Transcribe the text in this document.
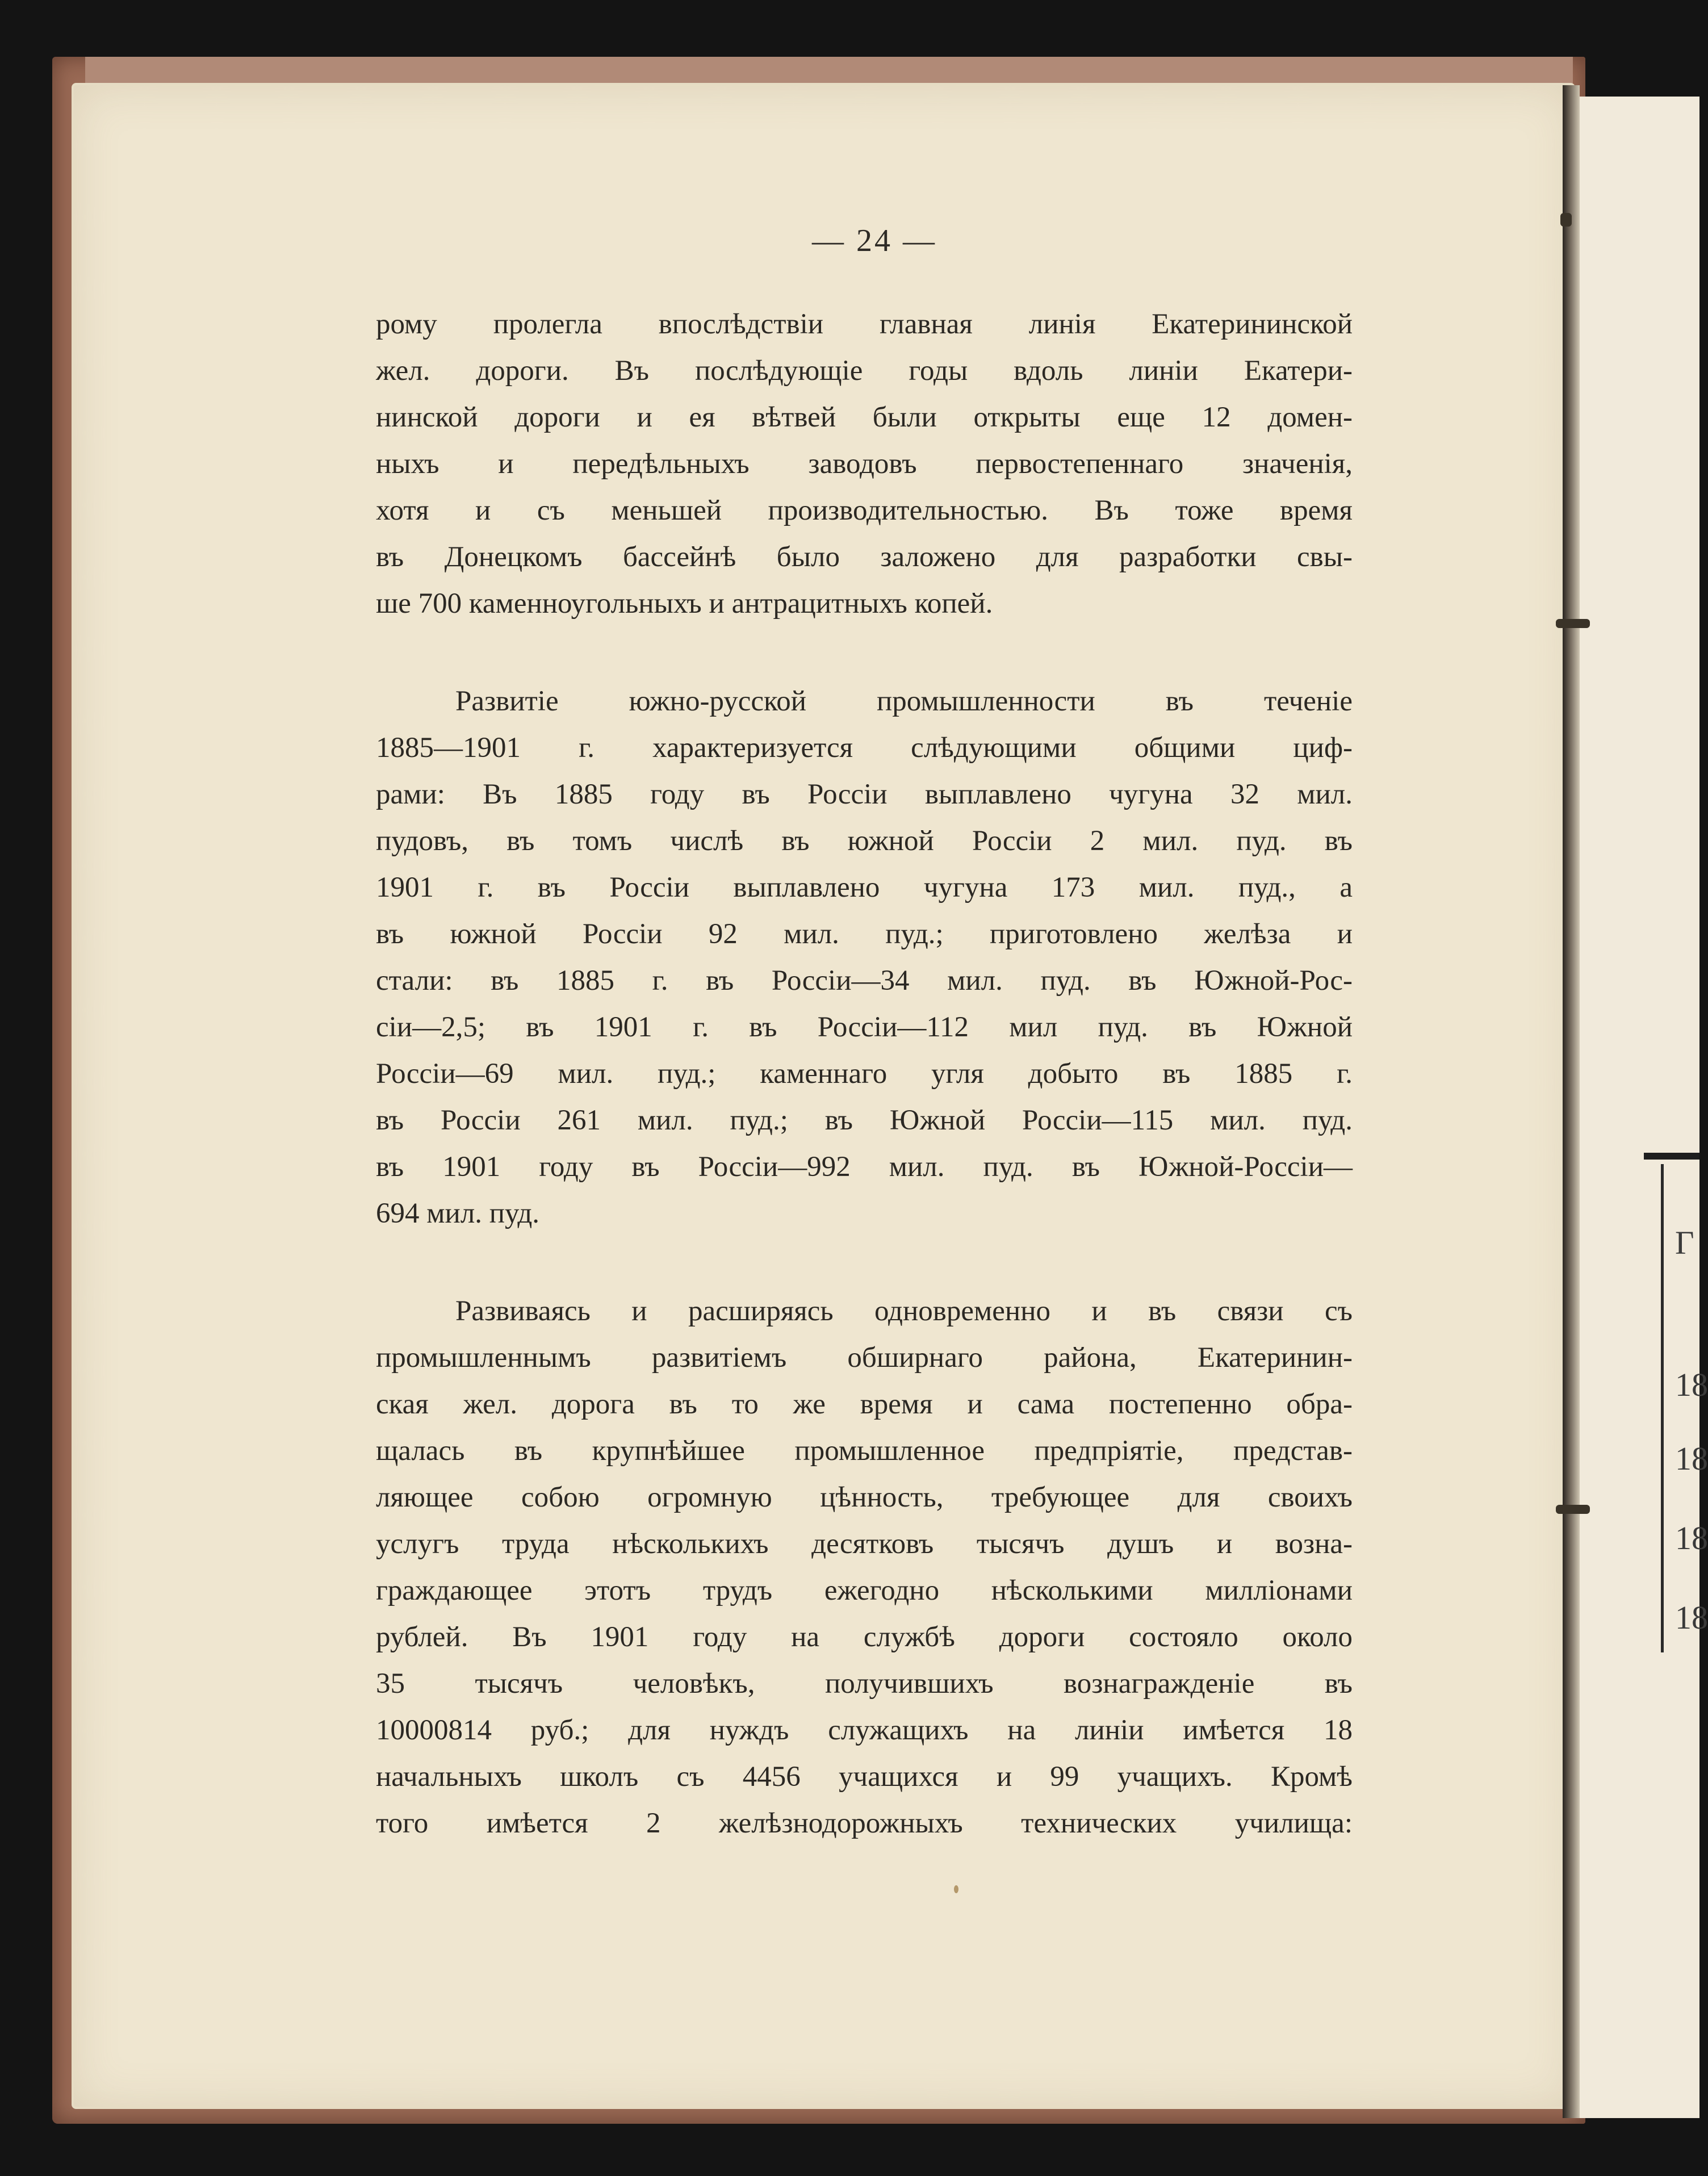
Г
18
18
18
18
— 24 —
рому пролегла впослѣдствіи главная линія Екатерининской
жел. дороги. Въ послѣдующіе годы вдоль линіи Екатери-
нинской дороги и ея вѣтвей были открыты еще 12 домен-
ныхъ и передѣльныхъ заводовъ первостепеннаго значенія,
хотя и съ меньшей производительностью. Въ тоже время
въ Донецкомъ бассейнѣ было заложено для разработки свы-
ше 700 каменноугольныхъ и антрацитныхъ копей.
Развитіе южно-русской промышленности въ теченіе
1885—1901 г. характеризуется слѣдующими общими циф-
рами: Въ 1885 году въ Россіи выплавлено чугуна 32 мил.
пудовъ, въ томъ числѣ въ южной Россіи 2 мил. пуд. въ
1901 г. въ Россіи выплавлено чугуна 173 мил. пуд., а
въ южной Россіи 92 мил. пуд.; приготовлено желѣза и
стали: въ 1885 г. въ Россіи—34 мил. пуд. въ Южной-Рос-
сіи—2,5; въ 1901 г. въ Россіи—112 мил пуд. въ Южной
Россіи—69 мил. пуд.; каменнаго угля добыто въ 1885 г.
въ Россіи 261 мил. пуд.; въ Южной Россіи—115 мил. пуд.
въ 1901 году въ Россіи—992 мил. пуд. въ Южной-Россіи—
694 мил. пуд.
Развиваясь и расширяясь одновременно и въ связи съ
промышленнымъ развитіемъ обширнаго района, Екатеринин-
ская жел. дорога въ то же время и сама постепенно обра-
щалась въ крупнѣйшее промышленное предпріятіе, представ-
ляющее собою огромную цѣнность, требующее для своихъ
услугъ труда нѣсколькихъ десятковъ тысячъ душъ и возна-
граждающее этотъ трудъ ежегодно нѣсколькими милліонами
рублей. Въ 1901 году на службѣ дороги состояло около
35 тысячъ человѣкъ, получившихъ вознагражденіе въ
10000814 руб.; для нуждъ служащихъ на линіи имѣется 18
начальныхъ школъ съ 4456 учащихся и 99 учащихъ. Кромѣ
того имѣется 2 желѣзнодорожныхъ технических училища:
